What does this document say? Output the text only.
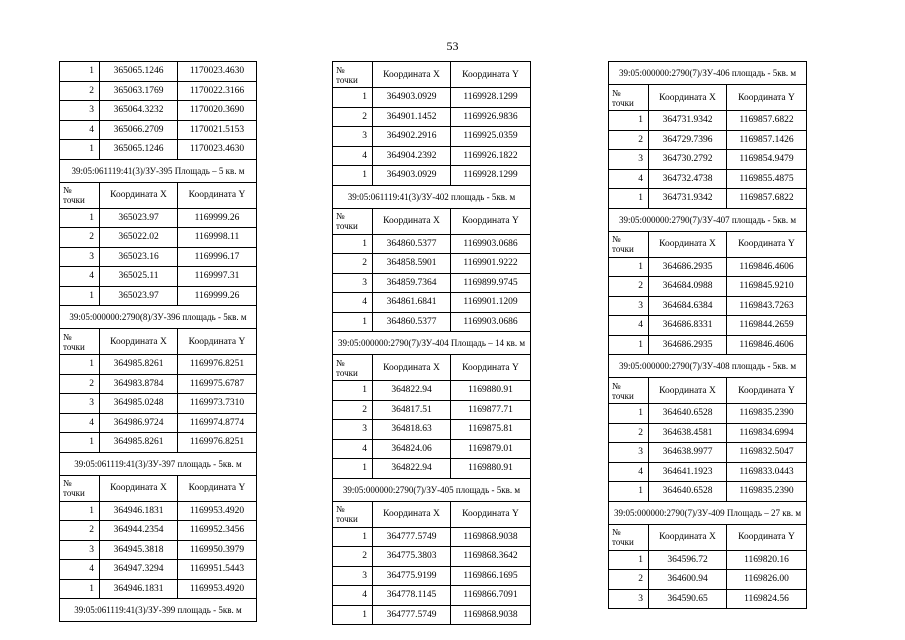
53
1	365065.1246	1170023.4630
2	365063.1769	1170022.3166
3	365064.3232	1170020.3690
4	365066.2709	1170021.5153
1	365065.1246	1170023.4630
39:05:061119:41(3)/ЗУ-395 Площадь – 5 кв. м		
№ точки	Координата X	Координата Y
1	365023.97	1169999.26
2	365022.02	1169998.11
3	365023.16	1169996.17
4	365025.11	1169997.31
1	365023.97	1169999.26
39:05:000000:2790(8)/ЗУ-396 площадь - 5кв. м		
№ точки	Координата X	Координата Y
1	364985.8261	1169976.8251
2	364983.8784	1169975.6787
3	364985.0248	1169973.7310
4	364986.9724	1169974.8774
1	364985.8261	1169976.8251
39:05:061119:41(3)/ЗУ-397 площадь - 5кв. м		
№ точки	Координата X	Координата Y
1	364946.1831	1169953.4920
2	364944.2354	1169952.3456
3	364945.3818	1169950.3979
4	364947.3294	1169951.5443
1	364946.1831	1169953.4920
39:05:061119:41(3)/ЗУ-399 площадь - 5кв. м		
№ точки	Координата X	Координата Y
1	364903.0929	1169928.1299
2	364901.1452	1169926.9836
3	364902.2916	1169925.0359
4	364904.2392	1169926.1822
1	364903.0929	1169928.1299
39:05:061119:41(3)/ЗУ-402 площадь - 5кв. м		
№ точки	Координата X	Координата Y
1	364860.5377	1169903.0686
2	364858.5901	1169901.9222
3	364859.7364	1169899.9745
4	364861.6841	1169901.1209
1	364860.5377	1169903.0686
39:05:000000:2790(7)/ЗУ-404 Площадь – 14 кв. м		
№ точки	Координата X	Координата Y
1	364822.94	1169880.91
2	364817.51	1169877.71
3	364818.63	1169875.81
4	364824.06	1169879.01
1	364822.94	1169880.91
39:05:000000:2790(7)/ЗУ-405 площадь - 5кв. м		
№ точки	Координата X	Координата Y
1	364777.5749	1169868.9038
2	364775.3803	1169868.3642
3	364775.9199	1169866.1695
4	364778.1145	1169866.7091
1	364777.5749	1169868.9038
39:05:000000:2790(7)/ЗУ-406 площадь - 5кв. м		
№ точки	Координата X	Координата Y
1	364731.9342	1169857.6822
2	364729.7396	1169857.1426
3	364730.2792	1169854.9479
4	364732.4738	1169855.4875
1	364731.9342	1169857.6822
39:05:000000:2790(7)/ЗУ-407 площадь - 5кв. м		
№ точки	Координата X	Координата Y
1	364686.2935	1169846.4606
2	364684.0988	1169845.9210
3	364684.6384	1169843.7263
4	364686.8331	1169844.2659
1	364686.2935	1169846.4606
39:05:000000:2790(7)/ЗУ-408 площадь - 5кв. м		
№ точки	Координата X	Координата Y
1	364640.6528	1169835.2390
2	364638.4581	1169834.6994
3	364638.9977	1169832.5047
4	364641.1923	1169833.0443
1	364640.6528	1169835.2390
39:05:000000:2790(7)/ЗУ-409 Площадь – 27 кв. м		
№ точки	Координата X	Координата Y
1	364596.72	1169820.16
2	364600.94	1169826.00
3	364590.65	1169824.56
